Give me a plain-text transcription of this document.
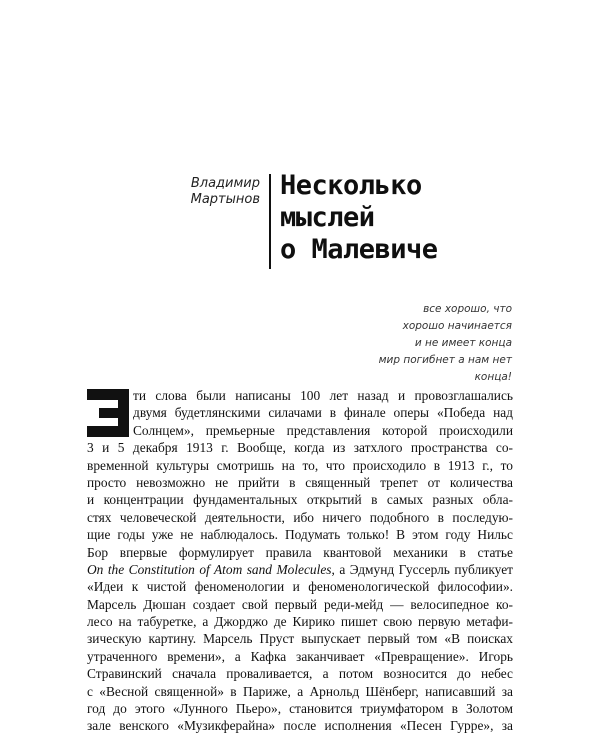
Владимир
Мартынов Несколько
мыслей
о Малевиче
все хорошо, что
хорошо начинается
и не имеет конца
мир погибнет а нам нет
конца!
ти слова были написаны 100 лет назад и провозглашались
двумя будетлянскими силачами в финале оперы «Победа над
Солнцем», премьерные представления которой происходили
3 и 5 декабря 1913 г. Вообще, когда из затхлого пространства со-
временной культуры смотришь на то, что происходило в 1913 г., то
просто невозможно не прийти в священный трепет от количества
и концентрации фундаментальных открытий в самых разных обла-
стях человеческой деятельности, ибо ничего подобного в последую-
щие годы уже не наблюдалось. Подумать только! В этом году Нильс
Бор впервые формулирует правила квантовой механики в статье
On the Constitution of Atom sand Molecules, а Эдмунд Гуссерль публикует
«Идеи к чистой феноменологии и феноменологической философии».
Марсель Дюшан создает свой первый реди-мейд — велосипедное ко-
лесо на табуретке, а Джорджо де Кирико пишет свою первую метафи-
зическую картину. Марсель Пруст выпускает первый том «В поисках
утраченного времени», а Кафка заканчивает «Превращение». Игорь
Стравинский сначала проваливается, а потом возносится до небес
с «Весной священной» в Париже, а Арнольд Шёнберг, написавший за
год до этого «Лунного Пьеро», становится триумфатором в Золотом
зале венского «Музикферайна» после исполнения «Песен Гурре», за
